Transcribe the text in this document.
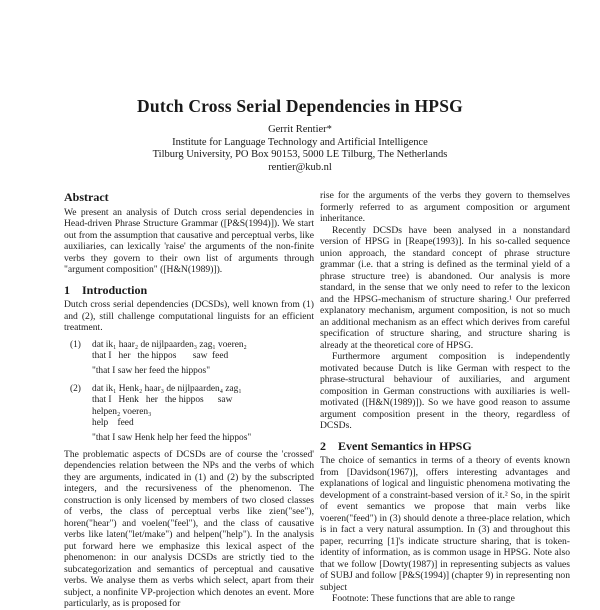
Dutch Cross Serial Dependencies in HPSG
Gerrit Rentier*
Institute for Language Technology and Artificial Intelligence
Tilburg University, PO Box 90153, 5000 LE Tilburg, The Netherlands
rentier@kub.nl
Abstract

We present an analysis of Dutch cross serial dependencies in Head-driven Phrase Structure Grammar ([P&S(1994)]). We start out from the assumption that causative and perceptual verbs, like auxiliaries, can lexically 'raise' the arguments of the non-finite verbs they govern to their own list of arguments through "argument composition" ([H&N(1989)]).

1 Introduction

Dutch cross serial dependencies (DCSDs), well known from (1) and (2), still challenge computational linguists for an efficient treatment.

(1)	dat ik₁ haar₂ de nijlpaarden₃ zag₁ voeren₂
that I   her   the hippos       saw  feed
"that I saw her feed the hippos"
(2)	dat ik₁ Henk₂ haar₃ de nijlpaarden₄ zag₁
that I   Henk   her   the hippos      saw
helpen₂ voeren₃
help    feed
"that I saw Henk help her feed the hippos"

The problematic aspects of DCSDs are of course the 'crossed' dependencies relation between the NPs and the verbs of which they are arguments, indicated in (1) and (2) by the subscripted integers, and the recursiveness of the phenomenon. The construction is only licensed by members of two closed classes of verbs, the class of perceptual verbs like zien("see"), horen("hear") and voelen("feel"), and the class of causative verbs like laten("let/make") and helpen("help"). In the analysis put forward here we emphasize this lexical aspect of the phenomenon: in our analysis DCSDs are strictly tied to the subcategorization and semantics of perceptual and causative verbs. We analyse them as verbs which select, apart from their subject, a nonfinite VP-projection which denotes an event. More particularly, as is proposed for

rise for the arguments of the verbs they govern to themselves formerly referred to as argument composition or argument inheritance.

Recently DCSDs have been analysed in a nonstandard version of HPSG in [Reape(1993)]. In his so-called sequence union approach, the standard concept of phrase structure grammar (i.e. that a string is defined as the terminal yield of a phrase structure tree) is abandoned. Our analysis is more standard, in the sense that we only need to refer to the lexicon and the HPSG-mechanism of structure sharing.¹ Our preferred explanatory mechanism, argument composition, is not so much an additional mechanism as an effect which derives from careful specification of structure sharing, and structure sharing is already at the theoretical core of HPSG.

Furthermore argument composition is independently motivated because Dutch is like German with respect to the phrase-structural behaviour of auxiliaries, and argument composition in German constructions with auxiliaries is well-motivated ([H&N(1989)]). So we have good reason to assume argument composition present in the theory, regardless of DCSDs.

2 Event Semantics in HPSG

The choice of semantics in terms of a theory of events known from [Davidson(1967)], offers interesting advantages and explanations of logical and linguistic phenomena motivating the development of a constraint-based version of it.² So, in the spirit of event semantics we propose that main verbs like voeren("feed") in (3) should denote a three-place relation, which is in fact a very natural assumption. In (3) and throughout this paper, recurring [1]'s indicate structure sharing, that is token-identity of information, as is common usage in HPSG. Note also that we follow [Dowty(1987)] in representing subjects as values of SUBJ and follow [P&S(1994)] (chapter 9) in representing non subject

Footnote: These functions that are able to range
